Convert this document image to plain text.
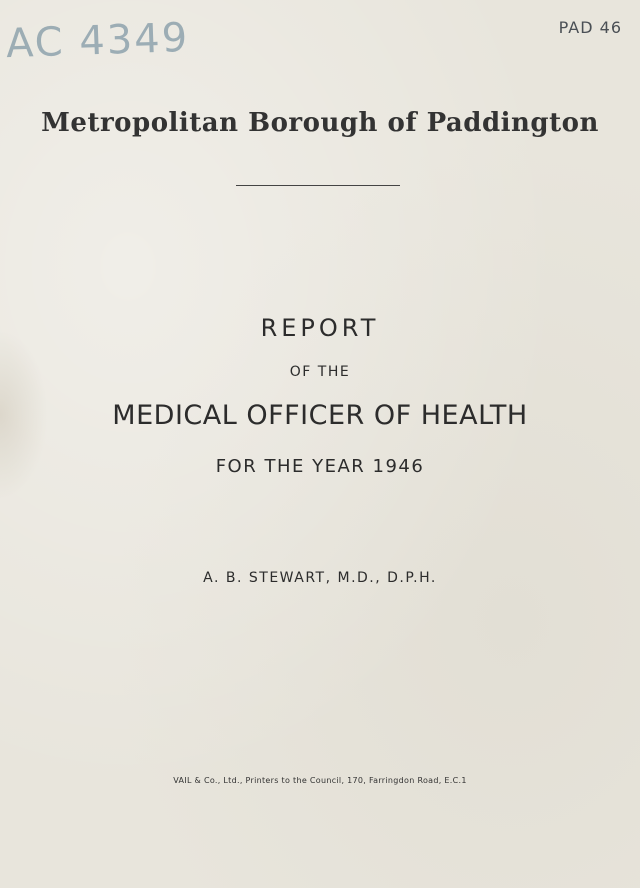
AC 4349	PAD 46
Metropolitan Borough of Paddington
REPORT
OF THE
MEDICAL OFFICER OF HEALTH
FOR THE YEAR 1946
A. B. STEWART, M.D., D.P.H.
VAIL & Co., Ltd., Printers to the Council, 170, Farringdon Road, E.C.1
